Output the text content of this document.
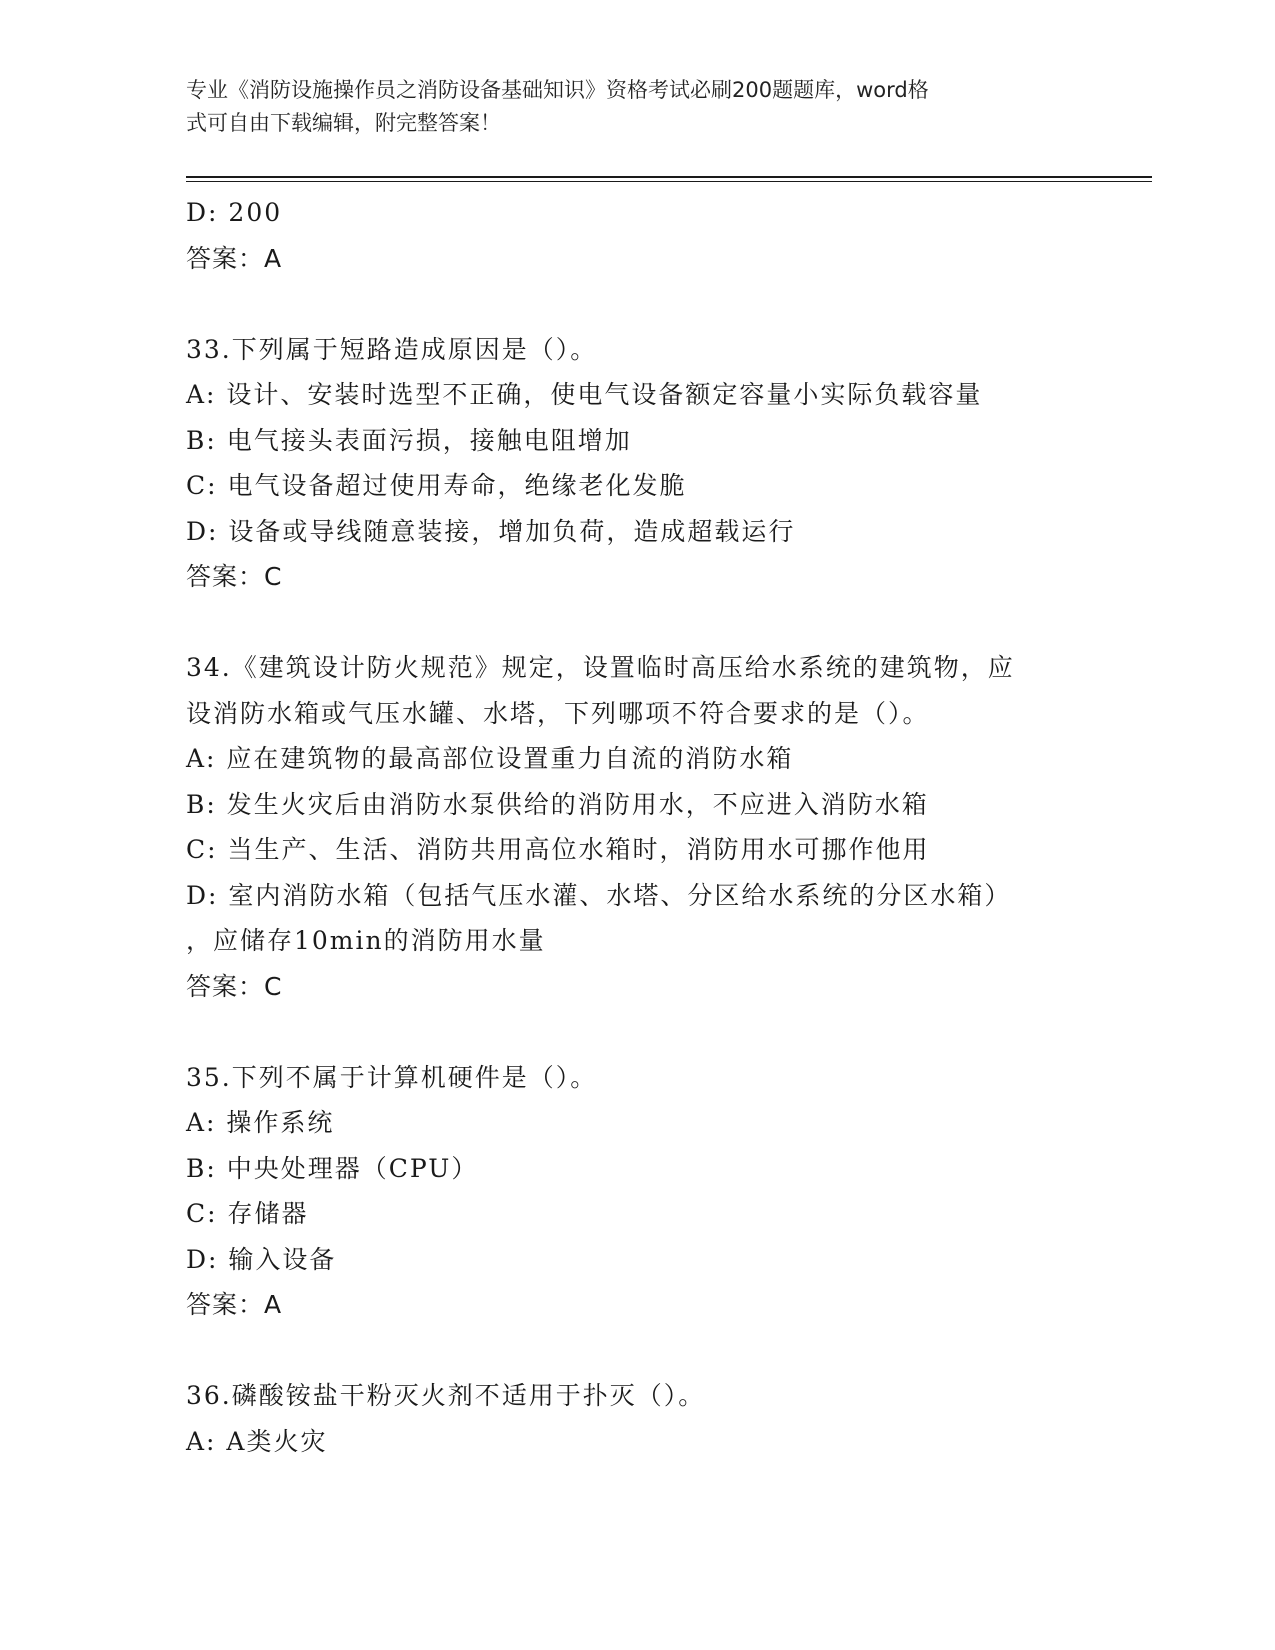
专业《消防设施操作员之消防设备基础知识》资格考试必刷200题题库，word格
式可自由下载编辑，附完整答案！
D: 200
答案：A
33.下列属于短路造成原因是（）。
A: 设计、安装时选型不正确，使电气设备额定容量小实际负载容量
B: 电气接头表面污损，接触电阻增加
C: 电气设备超过使用寿命，绝缘老化发脆
D: 设备或导线随意装接，增加负荷，造成超载运行
答案：C
34.《建筑设计防火规范》规定，设置临时高压给水系统的建筑物，应
设消防水箱或气压水罐、水塔，下列哪项不符合要求的是（）。
A: 应在建筑物的最高部位设置重力自流的消防水箱
B: 发生火灾后由消防水泵供给的消防用水，不应进入消防水箱
C: 当生产、生活、消防共用高位水箱时，消防用水可挪作他用
D: 室内消防水箱（包括气压水灌、水塔、分区给水系统的分区水箱）
，应储存10min的消防用水量
答案：C
35.下列不属于计算机硬件是（）。
A: 操作系统
B: 中央处理器（CPU）
C: 存储器
D: 输入设备
答案：A
36.磷酸铵盐干粉灭火剂不适用于扑灭（）。
A: A类火灾
